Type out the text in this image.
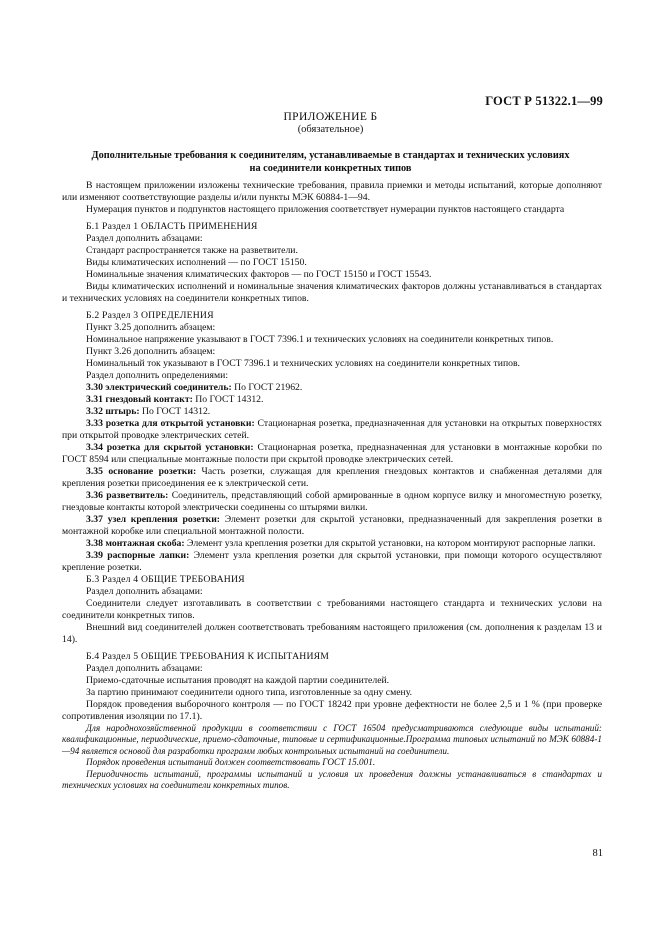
ГОСТ Р 51322.1—99
ПРИЛОЖЕНИЕ Б
(обязательное)
Дополнительные требования к соединителям, устанавливаемые в стандартах и технических условиях
на соединители конкретных типов

В настоящем приложении изложены технические требования, правила приемки и методы испытаний, которые дополняют или изменяют соответствующие разделы и/или пункты МЭК 60884-1—94.

Нумерация пунктов и подпунктов настоящего приложения соответствует нумерации пунктов настоящего стандарта

Б.1 Раздел 1 ОБЛАСТЬ ПРИМЕНЕНИЯ

Раздел дополнить абзацами:

Стандарт распространяется также на разветвители.

Виды климатических исполнений — по ГОСТ 15150.

Номинальные значения климатических факторов — по ГОСТ 15150 и ГОСТ 15543.

Виды климатических исполнений и номинальные значения климатических факторов должны устанавливаться в стандартах и технических условиях на соединители конкретных типов.

Б.2 Раздел 3 ОПРЕДЕЛЕНИЯ

Пункт 3.25 дополнить абзацем:

Номинальное напряжение указывают в ГОСТ 7396.1 и технических условиях на соединители конкретных типов.

Пункт 3.26 дополнить абзацем:

Номинальный ток указывают в ГОСТ 7396.1 и технических условиях на соединители конкретных типов.

Раздел дополнить определениями:

3.30 электрический соединитель: По ГОСТ 21962.

3.31 гнездовый контакт: По ГОСТ 14312.

3.32 штырь: По ГОСТ 14312.

3.33 розетка для открытой установки: Стационарная розетка, предназначенная для установки на открытых поверхностях при открытой проводке электрических сетей.

3.34 розетка для скрытой установки: Стационарная розетка, предназначенная для установки в монтажные коробки по ГОСТ 8594 или специальные монтажные полости при скрытой проводке электрических сетей.

3.35 основание розетки: Часть розетки, служащая для крепления гнездовых контактов и снабженная деталями для крепления розетки присоединения ее к электрической сети.

3.36 разветвитель: Соединитель, представляющий собой армированные в одном корпусе вилку и многоместную розетку, гнездовые контакты которой электрически соединены со штырями вилки.

3.37 узел крепления розетки: Элемент розетки для скрытой установки, предназначенный для закрепления розетки в монтажной коробке или специальной монтажной полости.

3.38 монтажная скоба: Элемент узла крепления розетки для скрытой установки, на котором монтируют распорные лапки.

3.39 распорные лапки: Элемент узла крепления розетки для скрытой установки, при помощи которого осуществляют крепление розетки.

Б.3 Раздел 4 ОБЩИЕ ТРЕБОВАНИЯ

Раздел дополнить абзацами:

Соединители следует изготавливать в соответствии с требованиями настоящего стандарта и технических услови на соединители конкретных типов.

Внешний вид соединителей должен соответствовать требованиям настоящего приложения (см. дополнения к разделам 13 и 14).

Б.4 Раздел 5 ОБЩИЕ ТРЕБОВАНИЯ К ИСПЫТАНИЯМ

Раздел дополнить абзацами:

Приемо-сдаточные испытания проводят на каждой партии соединителей.

За партию принимают соединители одного типа, изготовленные за одну смену.

Порядок проведения выборочного контроля — по ГОСТ 18242 при уровне дефектности не более 2,5 и 1 % (при проверке сопротивления изоляции по 17.1).

Для народнохозяйственной продукции в соответствии с ГОСТ 16504 предусматриваются следующие виды испытаний: квалификационные, периодические, приемо-сдаточные, типовые и сертификационные.Программа типовых испытаний по МЭК 60884-1—94 является основой для разработки программ любых контрольных испытаний на соединители.

Порядок проведения испытаний должен соответствовать ГОСТ 15.001.

Периодичность испытаний, программы испытаний и условия их проведения должны устанавливаться в стандартах и технических условиях на соединители конкретных типов.

81
